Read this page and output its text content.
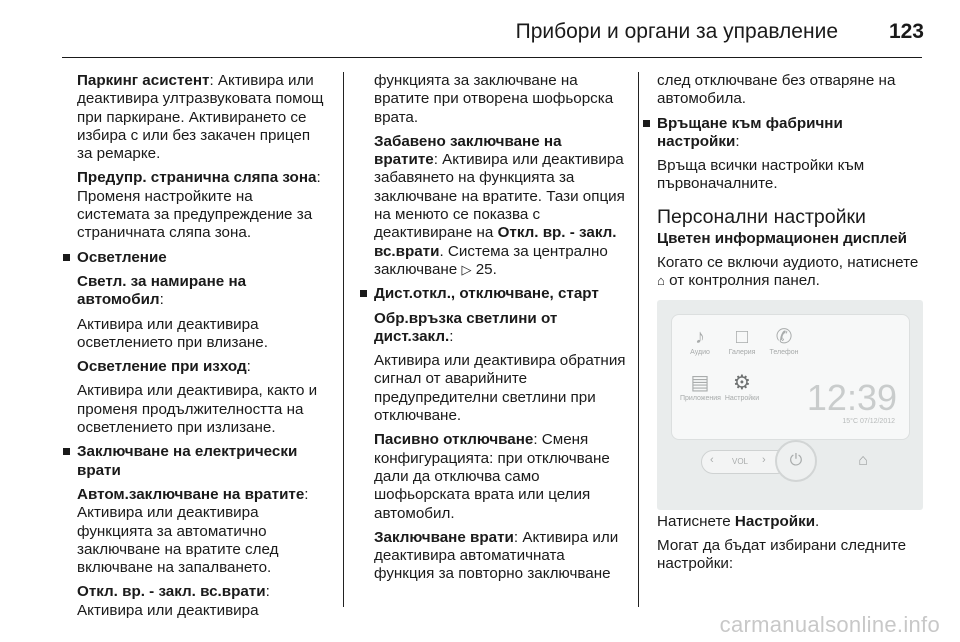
Прибори и органи за управление 123

Паркинг асистент: Активира или деактивира ултразвуковата помощ при паркиране. Активирането се избира с или без закачен прицеп за ремарке.

Предупр. странична сляпа зона: Променя настройките на системата за предупреждение за страничната сляпа зона.

Осветление

Светл. за намиране на автомобил:

Активира или деактивира осветлението при влизане.

Осветление при изход:

Активира или деактивира, както и променя продължителността на осветлението при излизане.

Заключване на електрически врати

Автом.заключване на вратите: Активира или деактивира функцията за автоматично заключване на вратите след включване на запалването.

Откл. вр. - закл. вс.врати: Активира или деактивира

функцията за заключване на вратите при отворена шофьорска врата.

Забавено заключване на вратите: Активира или деактивира забавянето на функцията за заключване на вратите. Тази опция на менюто се показва с деактивиране на Откл. вр. - закл. вс.врати. Система за централно заключване ▷ 25.

Дист.откл., отключване, старт

Обр.връзка светлини от дист.закл.:

Активира или деактивира обратния сигнал от аварийните предупредителни светлини при отключване.

Пасивно отключване: Сменя конфигурацията: при отключване дали да отключва само шофьорската врата или целия автомобил.

Заключване врати: Активира или деактивира автоматичната функция за повторно заключване

след отключване без отваряне на автомобила.

Връщане към фабрични настройки:

Връща всички настройки към първоначалните.

Персонални настройки
Цветен информационен дисплей

Когато се включи аудиото, натиснете ⌂ от контролния панел.

Натиснете Настройки.

Могат да бъдат избирани следните настройки:

♪
Аудио
□
Галерия
✆
Телефон
▤
Приложения
⚙
Настройки 12:39
15°C 07/12/2012
‹ VOL ›	⏻	⌂
carmanualsonline.info
